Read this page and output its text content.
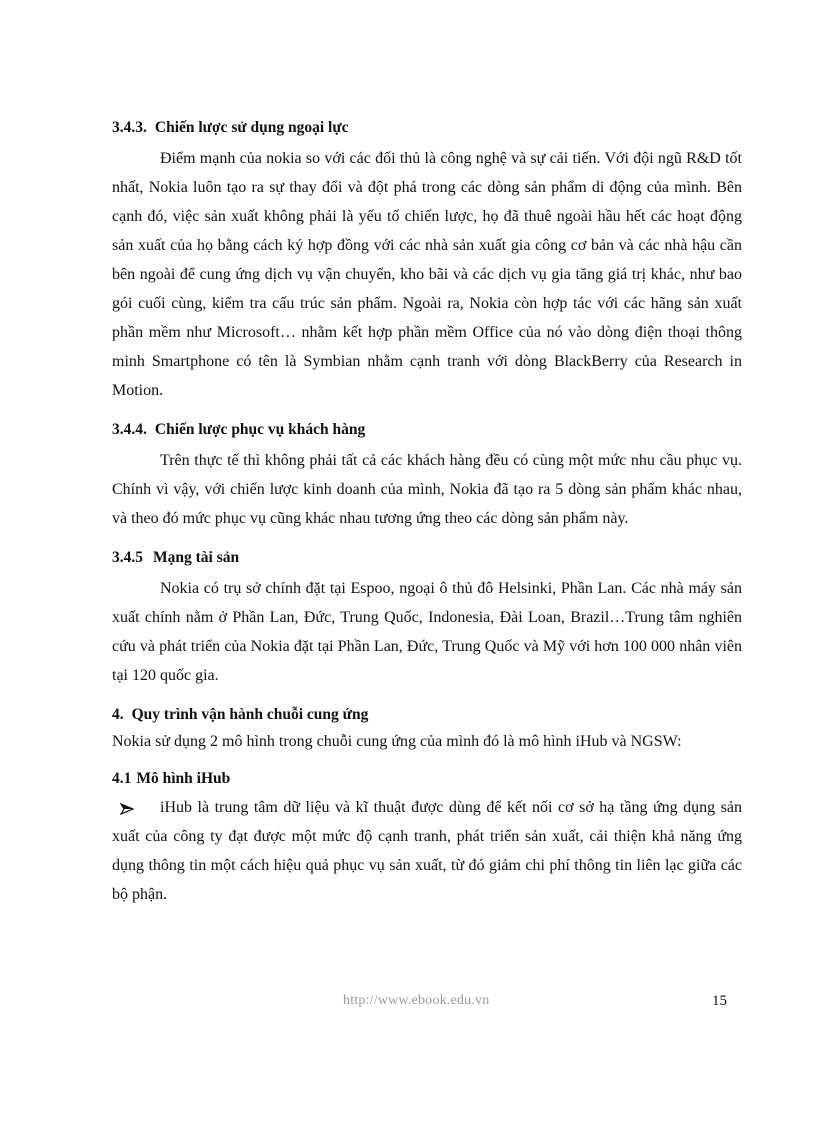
3.4.3. Chiến lược sử dụng ngoại lực

Điểm mạnh của nokia so với các đối thủ là công nghệ và sự cải tiến. Với đội ngũ R&D tốt nhất, Nokia luôn tạo ra sự thay đổi và đột phá trong các dòng sản phẩm di động của mình. Bên cạnh đó, việc sản xuất không phải là yếu tố chiến lược, họ đã thuê ngoài hầu hết các hoạt động sản xuất của họ bằng cách ký hợp đồng với các nhà sản xuất gia công cơ bản và các nhà hậu cần bên ngoài để cung ứng dịch vụ vận chuyển, kho bãi và các dịch vụ gia tăng giá trị khác, như bao gói cuối cùng, kiểm tra cấu trúc sản phẩm. Ngoài ra, Nokia còn hợp tác với các hãng sản xuất phần mềm như Microsoft… nhằm kết hợp phần mềm Office của nó vào dòng điện thoại thông minh Smartphone có tên là Symbian nhằm cạnh tranh với dòng BlackBerry của Research in Motion.

3.4.4. Chiến lược phục vụ khách hàng

Trên thực tế thì không phải tất cả các khách hàng đều có cùng một mức nhu cầu phục vụ. Chính vì vậy, với chiến lược kinh doanh của mình, Nokia đã tạo ra 5 dòng sản phẩm khác nhau, và theo đó mức phục vụ cũng khác nhau tương ứng theo các dòng sản phẩm này.

3.4.5 Mạng tài sản

Nokia có trụ sở chính đặt tại Espoo, ngoại ô thủ đô Helsinki, Phần Lan. Các nhà máy sản xuất chính nằm ở Phần Lan, Đức, Trung Quốc, Indonesia, Đài Loan, Brazil…Trung tâm nghiên cứu và phát triển của Nokia đặt tại Phần Lan, Đức, Trung Quốc và Mỹ với hơn 100 000 nhân viên tại 120 quốc gia.

4. Quy trình vận hành chuỗi cung ứng

Nokia sử dụng 2 mô hình trong chuỗi cung ứng của mình đó là mô hình iHub và NGSW:

4.1 Mô hình iHub

iHub là trung tâm dữ liệu và kĩ thuật được dùng để kết nối cơ sở hạ tầng ứng dụng sản xuất của công ty đạt được một mức độ cạnh tranh, phát triển sản xuất, cải thiện khả năng ứng dụng thông tin một cách hiệu quả phục vụ sản xuất, từ đó giảm chi phí thông tin liên lạc giữa các bộ phận.

http://www.ebook.edu.vn	15
